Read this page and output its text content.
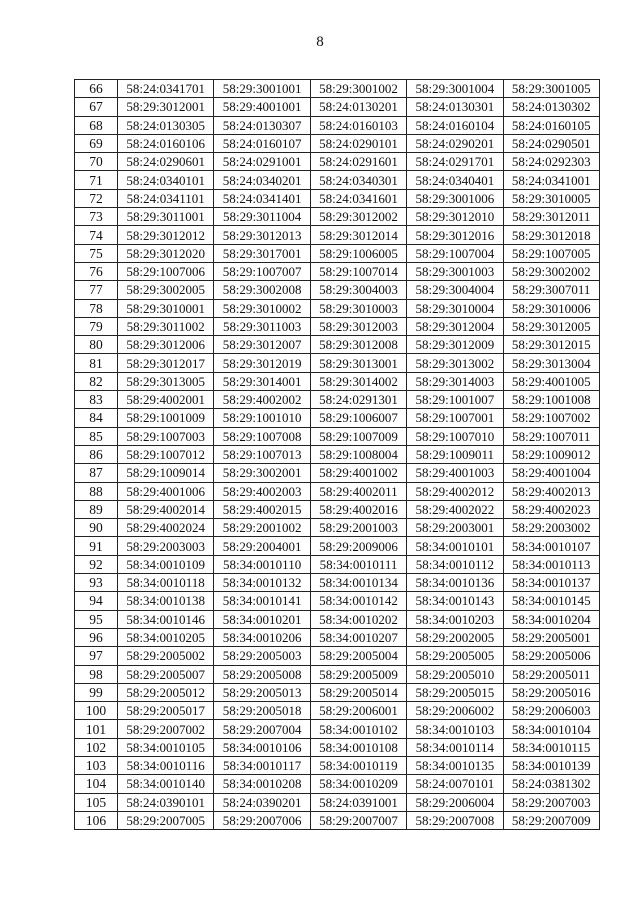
8
66	58:24:0341701	58:29:3001001	58:29:3001002	58:29:3001004	58:29:3001005
67	58:29:3012001	58:29:4001001	58:24:0130201	58:24:0130301	58:24:0130302
68	58:24:0130305	58:24:0130307	58:24:0160103	58:24:0160104	58:24:0160105
69	58:24:0160106	58:24:0160107	58:24:0290101	58:24:0290201	58:24:0290501
70	58:24:0290601	58:24:0291001	58:24:0291601	58:24:0291701	58:24:0292303
71	58:24:0340101	58:24:0340201	58:24:0340301	58:24:0340401	58:24:0341001
72	58:24:0341101	58:24:0341401	58:24:0341601	58:29:3001006	58:29:3010005
73	58:29:3011001	58:29:3011004	58:29:3012002	58:29:3012010	58:29:3012011
74	58:29:3012012	58:29:3012013	58:29:3012014	58:29:3012016	58:29:3012018
75	58:29:3012020	58:29:3017001	58:29:1006005	58:29:1007004	58:29:1007005
76	58:29:1007006	58:29:1007007	58:29:1007014	58:29:3001003	58:29:3002002
77	58:29:3002005	58:29:3002008	58:29:3004003	58:29:3004004	58:29:3007011
78	58:29:3010001	58:29:3010002	58:29:3010003	58:29:3010004	58:29:3010006
79	58:29:3011002	58:29:3011003	58:29:3012003	58:29:3012004	58:29:3012005
80	58:29:3012006	58:29:3012007	58:29:3012008	58:29:3012009	58:29:3012015
81	58:29:3012017	58:29:3012019	58:29:3013001	58:29:3013002	58:29:3013004
82	58:29:3013005	58:29:3014001	58:29:3014002	58:29:3014003	58:29:4001005
83	58:29:4002001	58:29:4002002	58:24:0291301	58:29:1001007	58:29:1001008
84	58:29:1001009	58:29:1001010	58:29:1006007	58:29:1007001	58:29:1007002
85	58:29:1007003	58:29:1007008	58:29:1007009	58:29:1007010	58:29:1007011
86	58:29:1007012	58:29:1007013	58:29:1008004	58:29:1009011	58:29:1009012
87	58:29:1009014	58:29:3002001	58:29:4001002	58:29:4001003	58:29:4001004
88	58:29:4001006	58:29:4002003	58:29:4002011	58:29:4002012	58:29:4002013
89	58:29:4002014	58:29:4002015	58:29:4002016	58:29:4002022	58:29:4002023
90	58:29:4002024	58:29:2001002	58:29:2001003	58:29:2003001	58:29:2003002
91	58:29:2003003	58:29:2004001	58:29:2009006	58:34:0010101	58:34:0010107
92	58:34:0010109	58:34:0010110	58:34:0010111	58:34:0010112	58:34:0010113
93	58:34:0010118	58:34:0010132	58:34:0010134	58:34:0010136	58:34:0010137
94	58:34:0010138	58:34:0010141	58:34:0010142	58:34:0010143	58:34:0010145
95	58:34:0010146	58:34:0010201	58:34:0010202	58:34:0010203	58:34:0010204
96	58:34:0010205	58:34:0010206	58:34:0010207	58:29:2002005	58:29:2005001
97	58:29:2005002	58:29:2005003	58:29:2005004	58:29:2005005	58:29:2005006
98	58:29:2005007	58:29:2005008	58:29:2005009	58:29:2005010	58:29:2005011
99	58:29:2005012	58:29:2005013	58:29:2005014	58:29:2005015	58:29:2005016
100	58:29:2005017	58:29:2005018	58:29:2006001	58:29:2006002	58:29:2006003
101	58:29:2007002	58:29:2007004	58:34:0010102	58:34:0010103	58:34:0010104
102	58:34:0010105	58:34:0010106	58:34:0010108	58:34:0010114	58:34:0010115
103	58:34:0010116	58:34:0010117	58:34:0010119	58:34:0010135	58:34:0010139
104	58:34:0010140	58:34:0010208	58:34:0010209	58:24:0070101	58:24:0381302
105	58:24:0390101	58:24:0390201	58:24:0391001	58:29:2006004	58:29:2007003
106	58:29:2007005	58:29:2007006	58:29:2007007	58:29:2007008	58:29:2007009
